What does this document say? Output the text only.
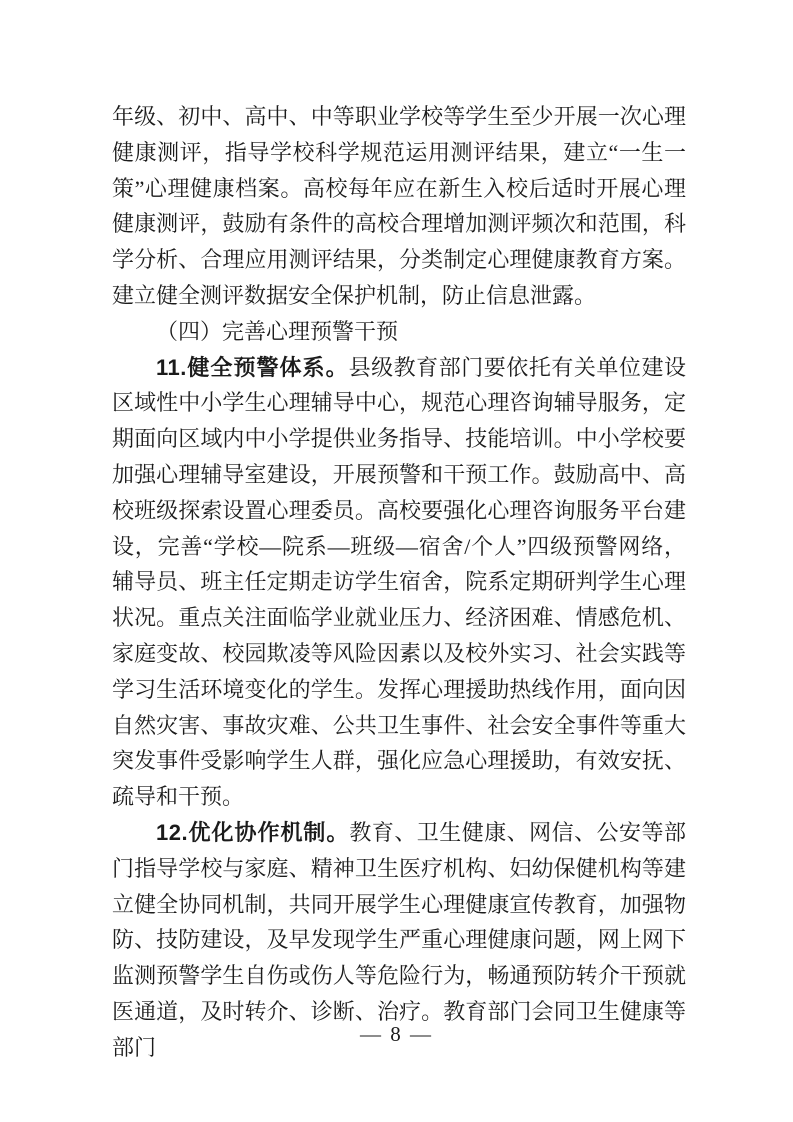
年级、初中、高中、中等职业学校等学生至少开展一次心理健康测评，指导学校科学规范运用测评结果，建立“一生一策”心理健康档案。高校每年应在新生入校后适时开展心理健康测评，鼓励有条件的高校合理增加测评频次和范围，科学分析、合理应用测评结果，分类制定心理健康教育方案。建立健全测评数据安全保护机制，防止信息泄露。

（四）完善心理预警干预

11.健全预警体系。县级教育部门要依托有关单位建设区域性中小学生心理辅导中心，规范心理咨询辅导服务，定期面向区域内中小学提供业务指导、技能培训。中小学校要加强心理辅导室建设，开展预警和干预工作。鼓励高中、高校班级探索设置心理委员。高校要强化心理咨询服务平台建设，完善“学校—院系—班级—宿舍/个人”四级预警网络，辅导员、班主任定期走访学生宿舍，院系定期研判学生心理状况。重点关注面临学业就业压力、经济困难、情感危机、家庭变故、校园欺凌等风险因素以及校外实习、社会实践等学习生活环境变化的学生。发挥心理援助热线作用，面向因自然灾害、事故灾难、公共卫生事件、社会安全事件等重大突发事件受影响学生人群，强化应急心理援助，有效安抚、疏导和干预。

12.优化协作机制。教育、卫生健康、网信、公安等部门指导学校与家庭、精神卫生医疗机构、妇幼保健机构等建立健全协同机制，共同开展学生心理健康宣传教育，加强物防、技防建设，及早发现学生严重心理健康问题，网上网下监测预警学生自伤或伤人等危险行为，畅通预防转介干预就医通道，及时转介、诊断、治疗。教育部门会同卫生健康等部门

— 8 —
